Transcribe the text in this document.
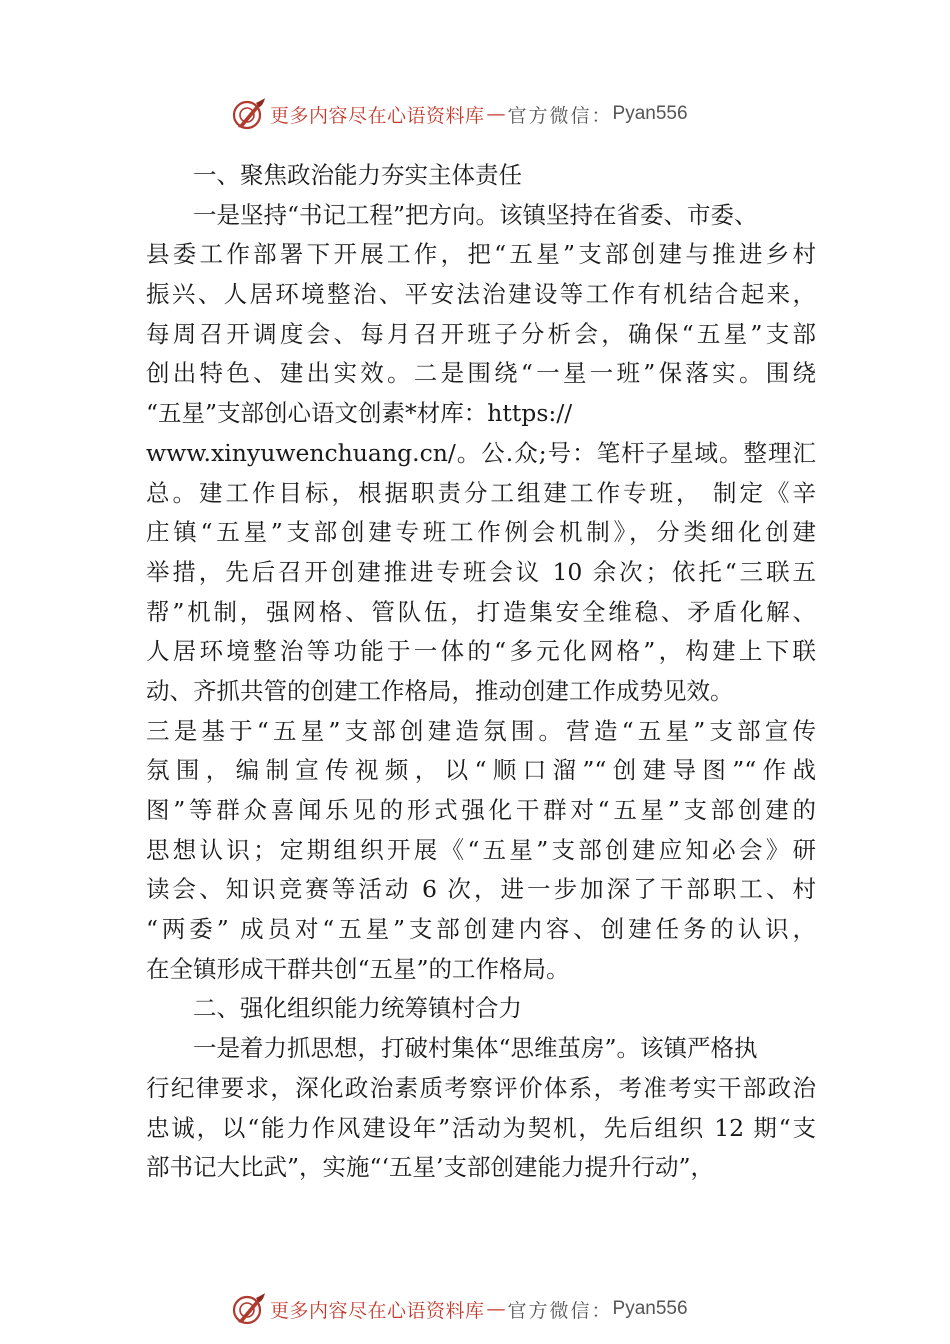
更多内容尽在心语资料库 — 官方微信： Pyan556
一、聚焦政治能力夯实主体责任
一是坚持“书记工程”把方向。该镇坚持在省委、市委、
县委工作部署下开展工作，把“五星”支部创建与推进乡村
振兴、人居环境整治、平安法治建设等工作有机结合起来，
每周召开调度会、每月召开班子分析会，确保“五星”支部
创出特色、建出实效。二是围绕“一星一班”保落实。围绕
“五星”支部创心语文创素*材库：https://
www.xinyuwenchuang.cn/。公.众;号：笔杆子星域。整理汇
总。建工作目标，根据职责分工组建工作专班， 制定《辛
庄镇“五星”支部创建专班工作例会机制》，分类细化创建
举措，先后召开创建推进专班会议 10 余次；依托“三联五
帮”机制，强网格、管队伍，打造集安全维稳、矛盾化解、
人居环境整治等功能于一体的“多元化网格”，构建上下联
动、齐抓共管的创建工作格局，推动创建工作成势见效。
三是基于“五星”支部创建造氛围。营造“五星”支部宣传
氛围，编制宣传视频，以“顺口溜”“创建导图”“作战
图”等群众喜闻乐见的形式强化干群对“五星”支部创建的
思想认识；定期组织开展《“五星”支部创建应知必会》研
读会、知识竞赛等活动 6 次，进一步加深了干部职工、村
“两委” 成员对“五星”支部创建内容、创建任务的认识，
在全镇形成干群共创“五星”的工作格局。
二、强化组织能力统筹镇村合力
一是着力抓思想，打破村集体“思维茧房”。该镇严格执
行纪律要求，深化政治素质考察评价体系，考准考实干部政治
忠诚，以“能力作风建设年”活动为契机，先后组织 12 期“支
部书记大比武”，实施“‘五星’支部创建能力提升行动”，
更多内容尽在心语资料库 — 官方微信： Pyan556
